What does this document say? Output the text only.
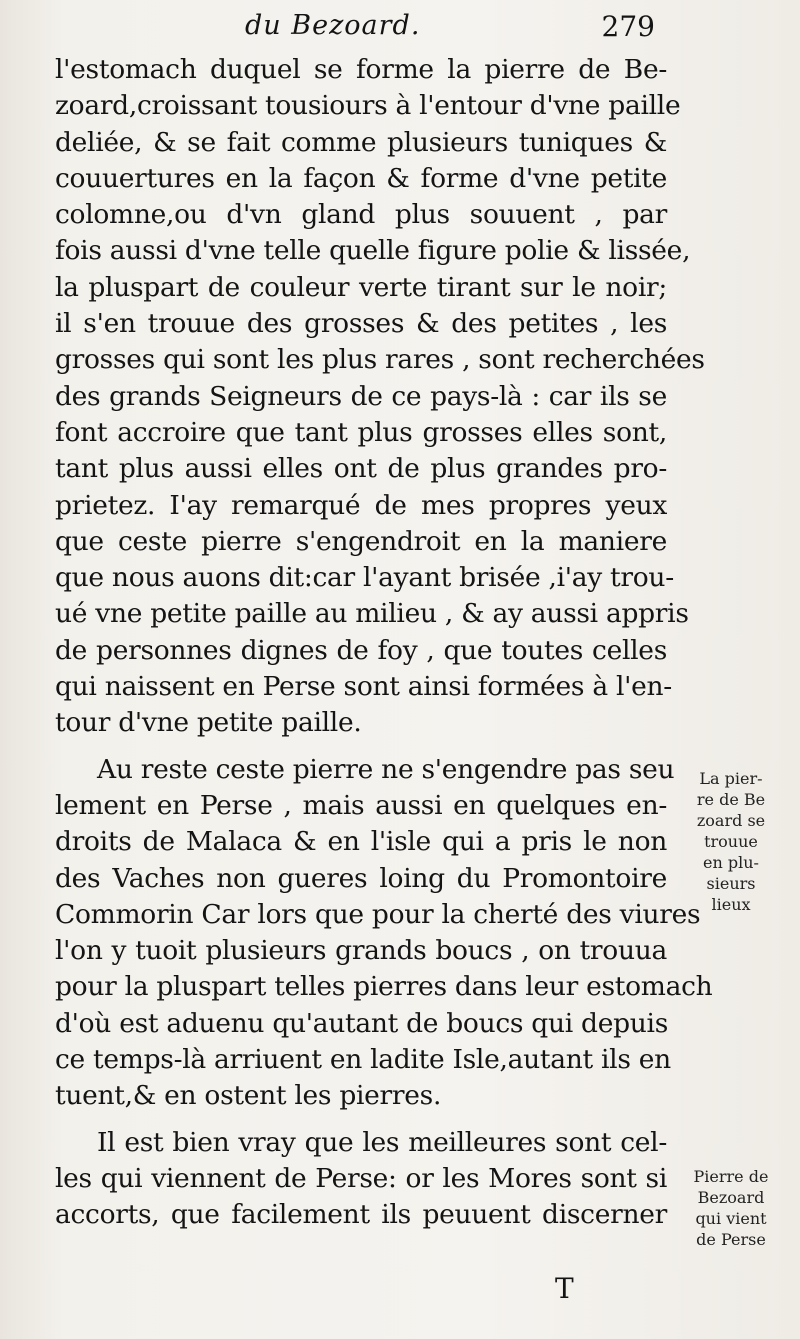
du Bezoard.	279
l'estomach duquel se forme la pierre de Be-
zoard,croissant tousiours à l'entour d'vne paille
deliée, & se fait comme plusieurs tuniques &
couuertures en la façon & forme d'vne petite
colomne,ou d'vn gland plus souuent , par
fois aussi d'vne telle quelle figure polie & lissée,
la pluspart de couleur verte tirant sur le noir;
il s'en trouue des grosses & des petites , les
grosses qui sont les plus rares , sont recherchées
des grands Seigneurs de ce pays-là : car ils se
font accroire que tant plus grosses elles sont,
tant plus aussi elles ont de plus grandes pro-
prietez. I'ay remarqué de mes propres yeux
que ceste pierre s'engendroit en la maniere
que nous auons dit:car l'ayant brisée ,i'ay trou-
ué vne petite paille au milieu , & ay aussi appris
de personnes dignes de foy , que toutes celles
qui naissent en Perse sont ainsi formées à l'en-
tour d'vne petite paille.
Au reste ceste pierre ne s'engendre pas seu
lement en Perse , mais aussi en quelques en-
droits de Malaca & en l'isle qui a pris le non
des Vaches non gueres loing du Promontoire
Commorin Car lors que pour la cherté des viures
l'on y tuoit plusieurs grands boucs , on trouua
pour la pluspart telles pierres dans leur estomach
d'où est aduenu qu'autant de boucs qui depuis
ce temps-là arriuent en ladite Isle,autant ils en
tuent,& en ostent les pierres.
Il est bien vray que les meilleures sont cel-
les qui viennent de Perse: or les Mores sont si
accorts, que facilement ils peuuent discerner
La pier-
re de Be
zoard se
trouue
en plu-
sieurs
lieux
Pierre de
Bezoard
qui vient
de Perse
T
